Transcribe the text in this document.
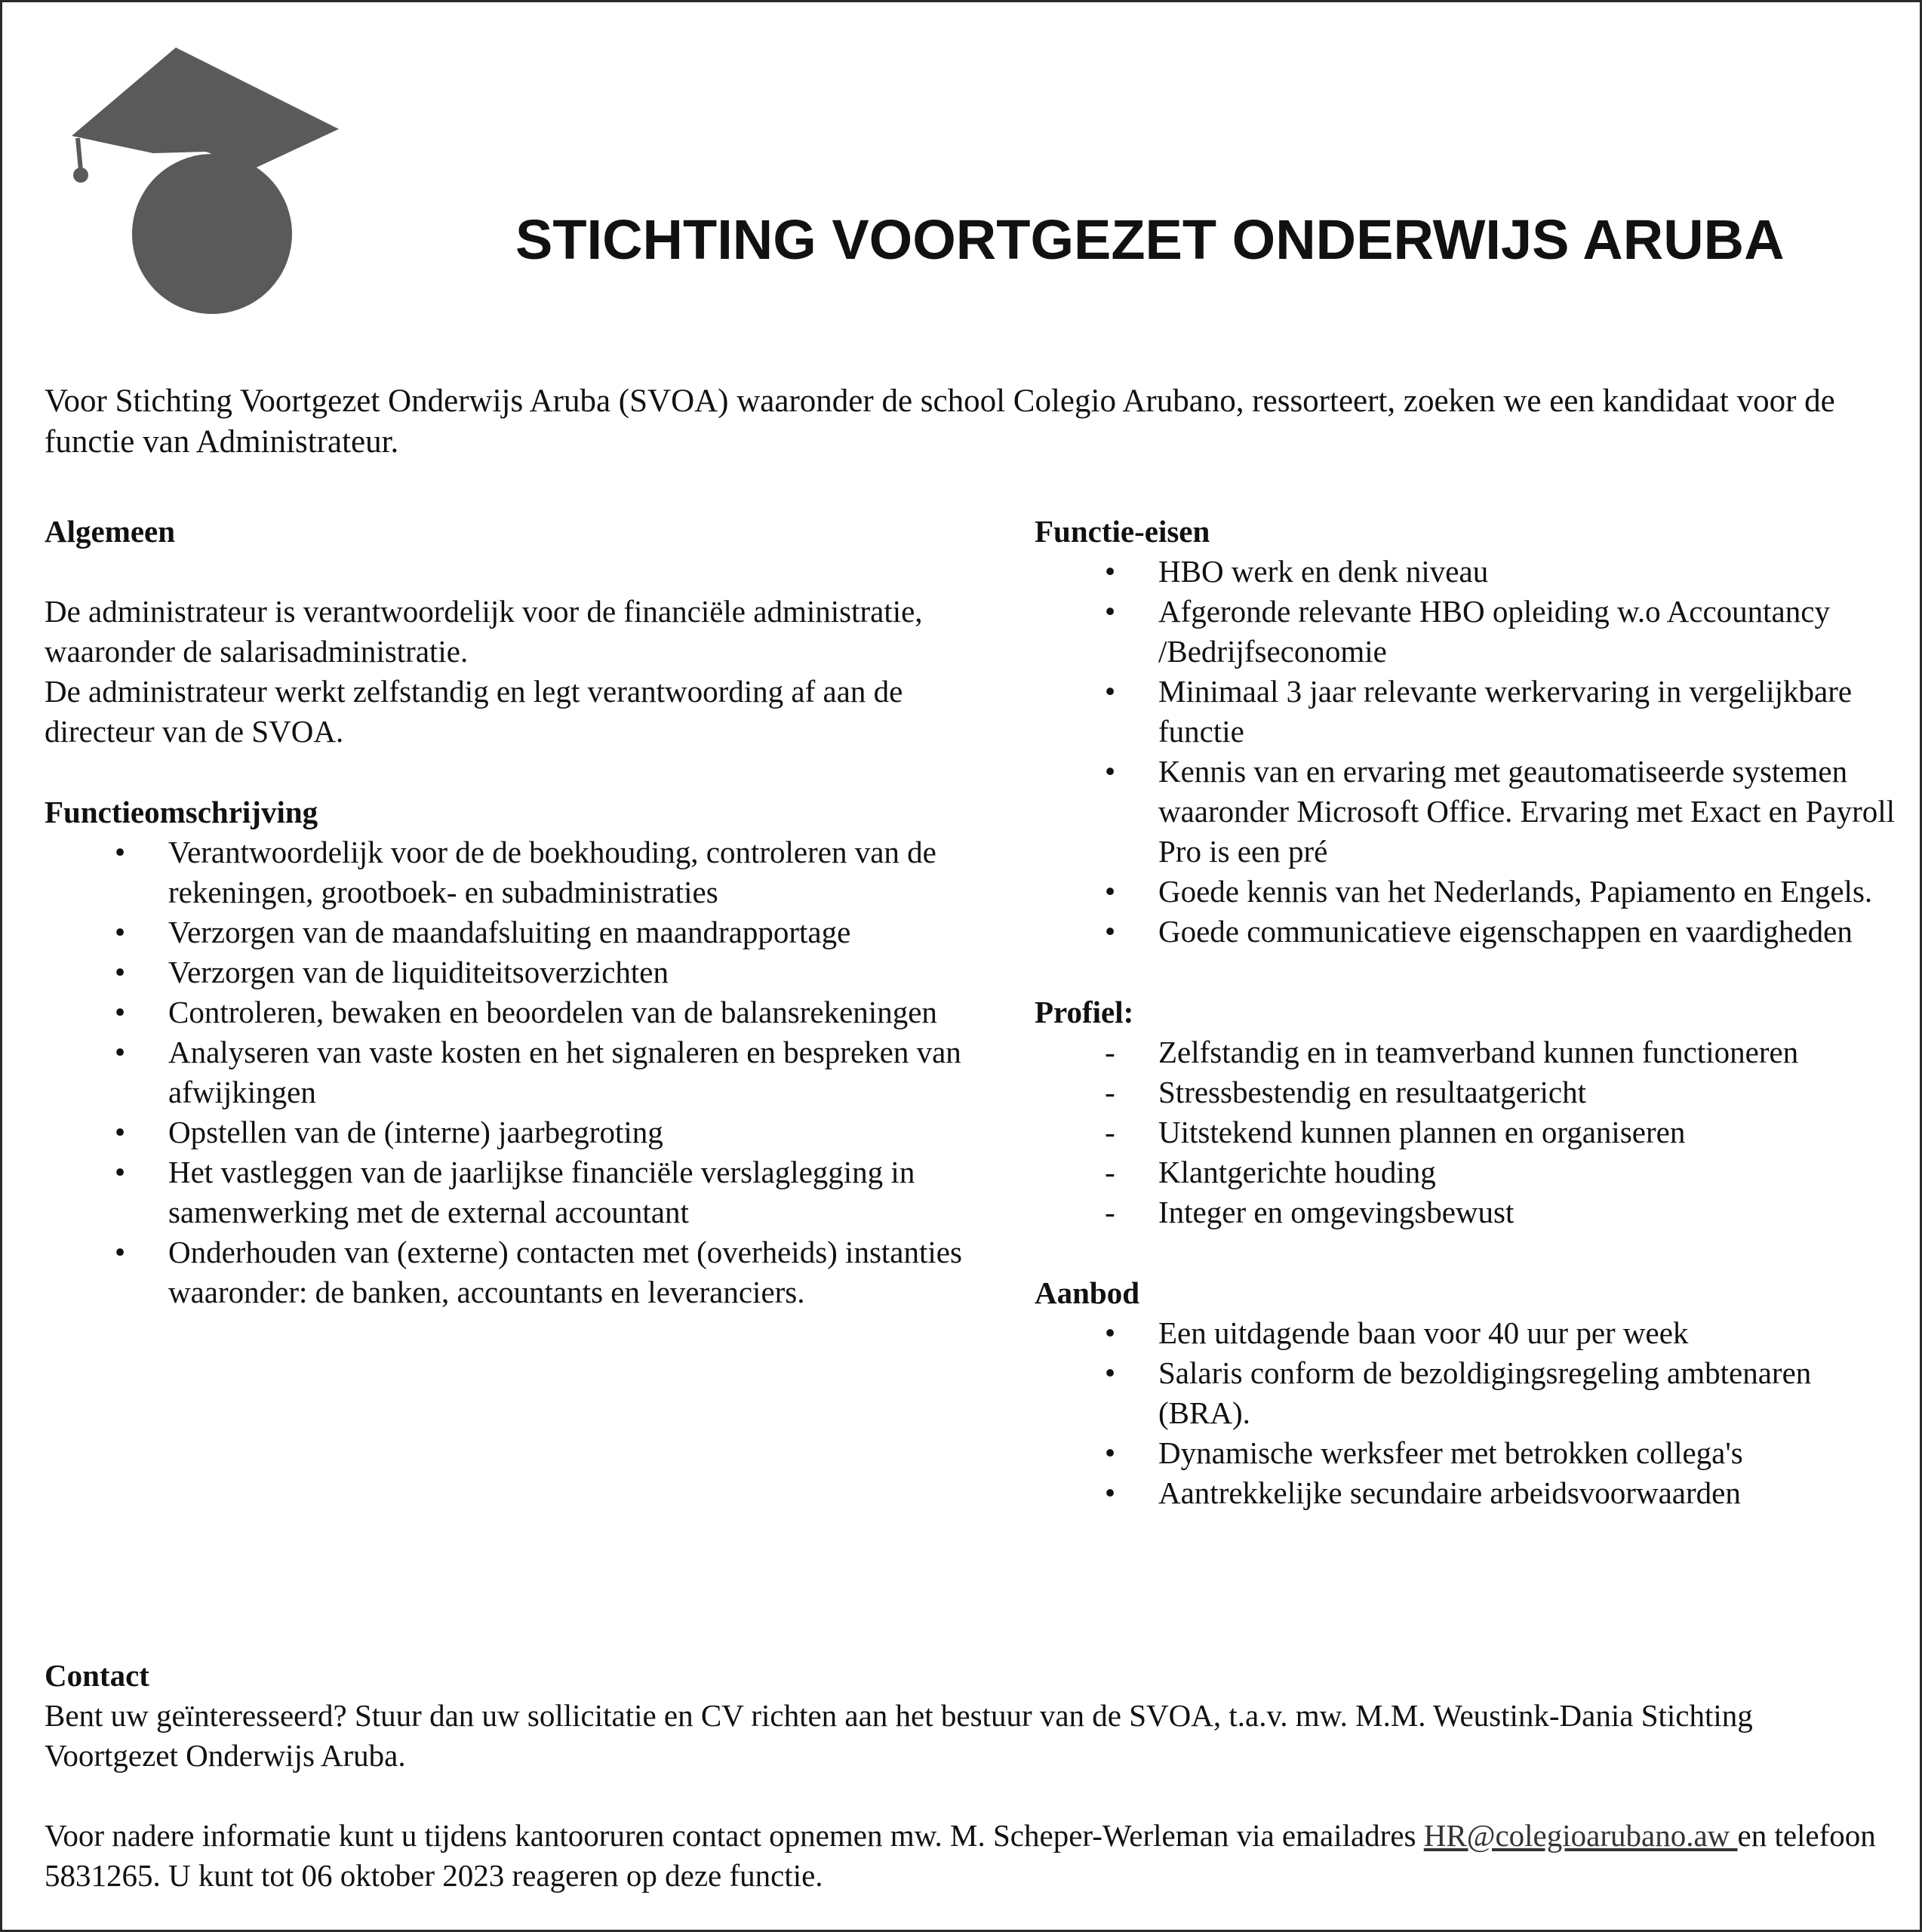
STICHTING VOORTGEZET ONDERWIJS ARUBA
Voor Stichting Voortgezet Onderwijs Aruba (SVOA) waaronder de school Colegio Arubano, ressorteert, zoeken we een kandidaat voor de functie van Administrateur.

Algemeen

De administrateur is verantwoordelijk voor de financiële administratie, waaronder de salarisadministratie.

De administrateur werkt zelfstandig en legt verantwoording af aan de directeur van de SVOA.

Functieomschrijving

•	Verantwoordelijk voor de de boekhouding, controleren van de rekeningen, grootboek- en subadministraties
•	Verzorgen van de maandafsluiting en maandrapportage
•	Verzorgen van de liquiditeitsoverzichten
•	Controleren, bewaken en beoordelen van de balansrekeningen
•	Analyseren van vaste kosten en het signaleren en bespreken van afwijkingen
•	Opstellen van de (interne) jaarbegroting
•	Het vastleggen van de jaarlijkse financiële verslaglegging in samenwerking met de external accountant
•	Onderhouden van (externe) contacten met (overheids) instanties waaronder: de banken, accountants en leveranciers.

Functie-eisen

•	HBO werk en denk niveau
•	Afgeronde relevante HBO opleiding w.o Accountancy /Bedrijfseconomie
•	Minimaal 3 jaar relevante werkervaring in vergelijkbare functie
•	Kennis van en ervaring met geautomatiseerde systemen waaronder Microsoft Office. Ervaring met Exact en Payroll Pro is een pré
•	Goede kennis van het Nederlands, Papiamento en Engels.
•	Goede communicatieve eigenschappen en vaardigheden

Profiel:

-	Zelfstandig en in teamverband kunnen functioneren
-	Stressbestendig en resultaatgericht
-	Uitstekend kunnen plannen en organiseren
-	Klantgerichte houding
-	Integer en omgevingsbewust

Aanbod

•	Een uitdagende baan voor 40 uur per week
•	Salaris conform de bezoldigingsregeling ambtenaren (BRA).
•	Dynamische werksfeer met betrokken collega's
•	Aantrekkelijke secundaire arbeidsvoorwaarden

Contact

Bent uw geïnteresseerd? Stuur dan uw sollicitatie en CV richten aan het bestuur van de SVOA, t.a.v. mw. M.M. Weustink-Dania Stichting Voortgezet Onderwijs Aruba.

Voor nadere informatie kunt u tijdens kantooruren contact opnemen mw. M. Scheper-Werleman via emailadres HR@colegioarubano.aw en telefoon 5831265. U kunt tot 06 oktober 2023 reageren op deze functie.
